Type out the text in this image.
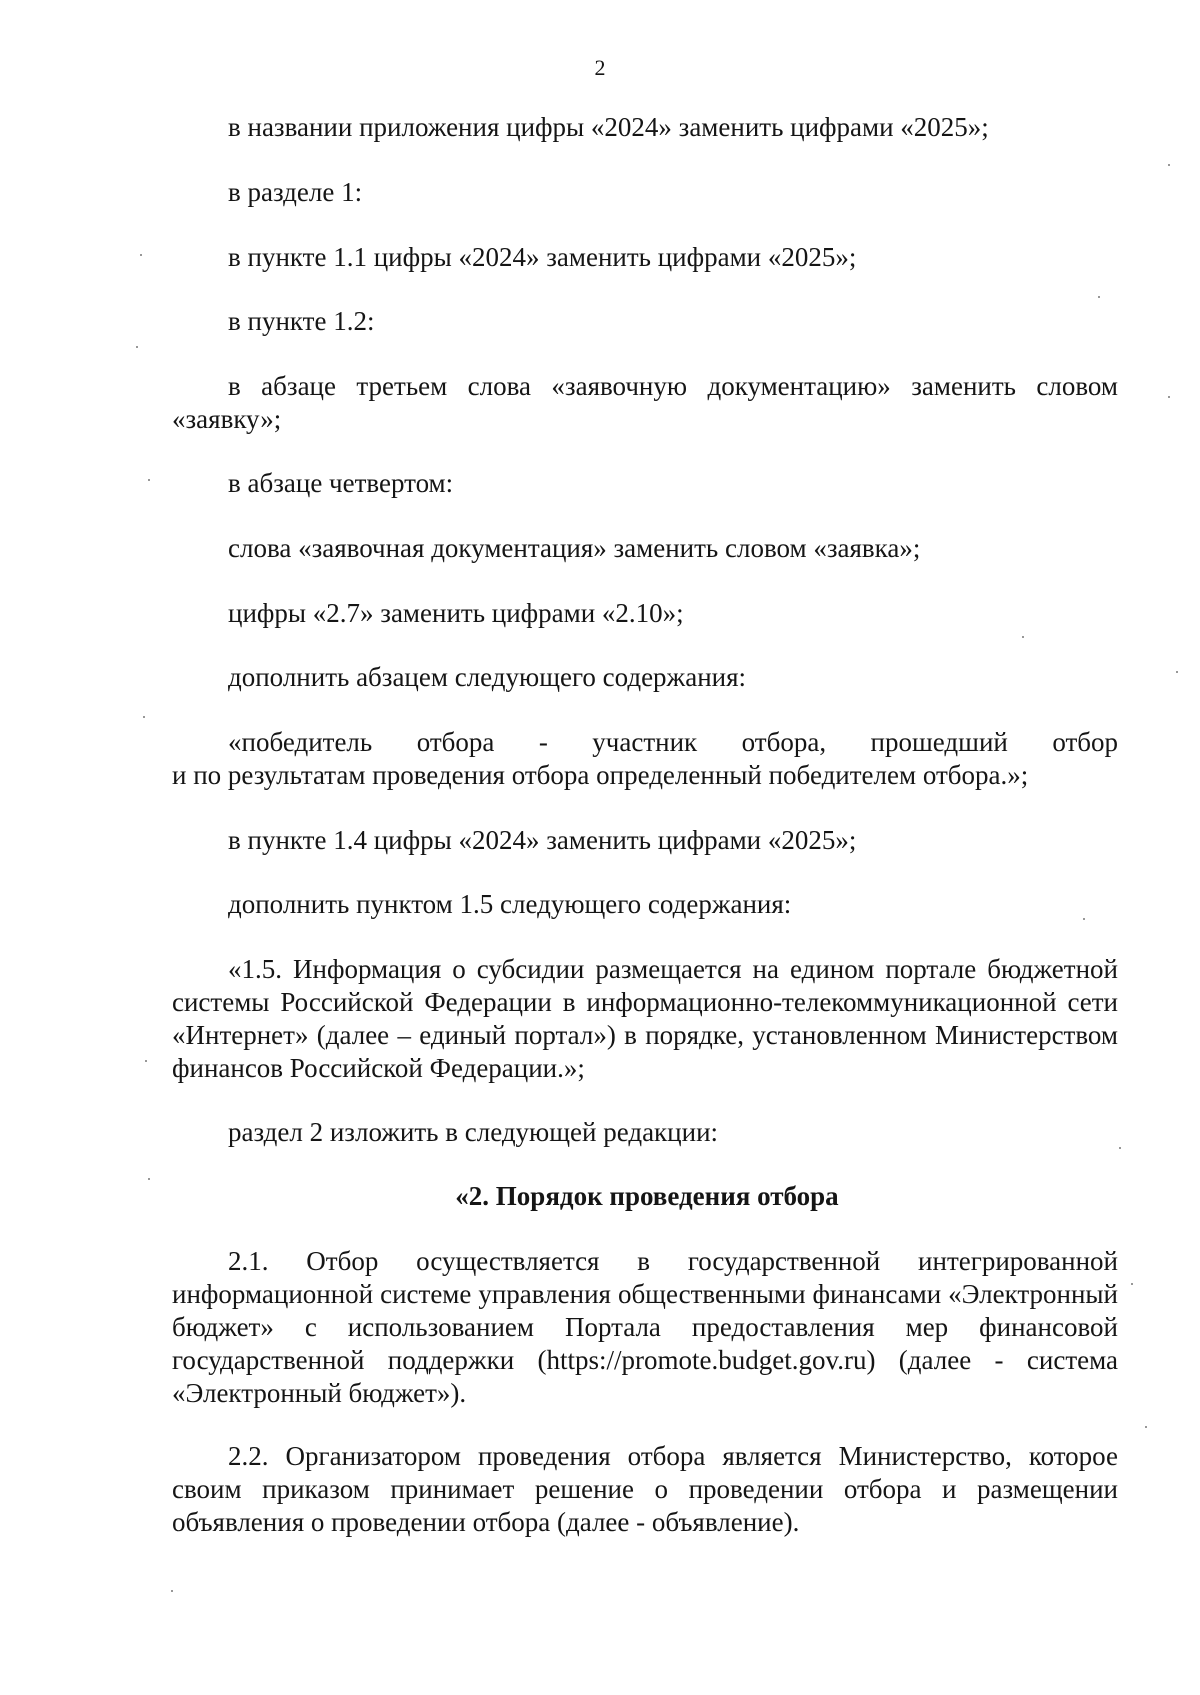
2

в названии приложения цифры «2024» заменить цифрами «2025»;

в разделе 1:

в пункте 1.1 цифры «2024» заменить цифрами «2025»;

в пункте 1.2:

в абзаце третьем слова «заявочную документацию» заменить словом «заявку»;

в абзаце четвертом:

слова «заявочная документация» заменить словом «заявка»;

цифры «2.7» заменить цифрами «2.10»;

дополнить абзацем следующего содержания:

«победитель отбора - участник отбора, прошедший отбор

и по результатам проведения отбора определенный победителем отбора.»;

в пункте 1.4 цифры «2024» заменить цифрами «2025»;

дополнить пунктом 1.5 следующего содержания:

«1.5. Информация о субсидии размещается на едином портале бюджетной системы Российской Федерации в информационно-телекоммуникационной сети «Интернет» (далее – единый портал») в порядке, установленном Министерством финансов Российской Федерации.»;

раздел 2 изложить в следующей редакции:

«2. Порядок проведения отбора

2.1. Отбор осуществляется в государственной интегрированной информационной системе управления общественными финансами «Электронный бюджет» с использованием Портала предоставления мер финансовой государственной поддержки (https://promote.budget.gov.ru) (далее - система «Электронный бюджет»).

2.2. Организатором проведения отбора является Министерство, которое своим приказом принимает решение о проведении отбора и размещении объявления о проведении отбора (далее - объявление).
